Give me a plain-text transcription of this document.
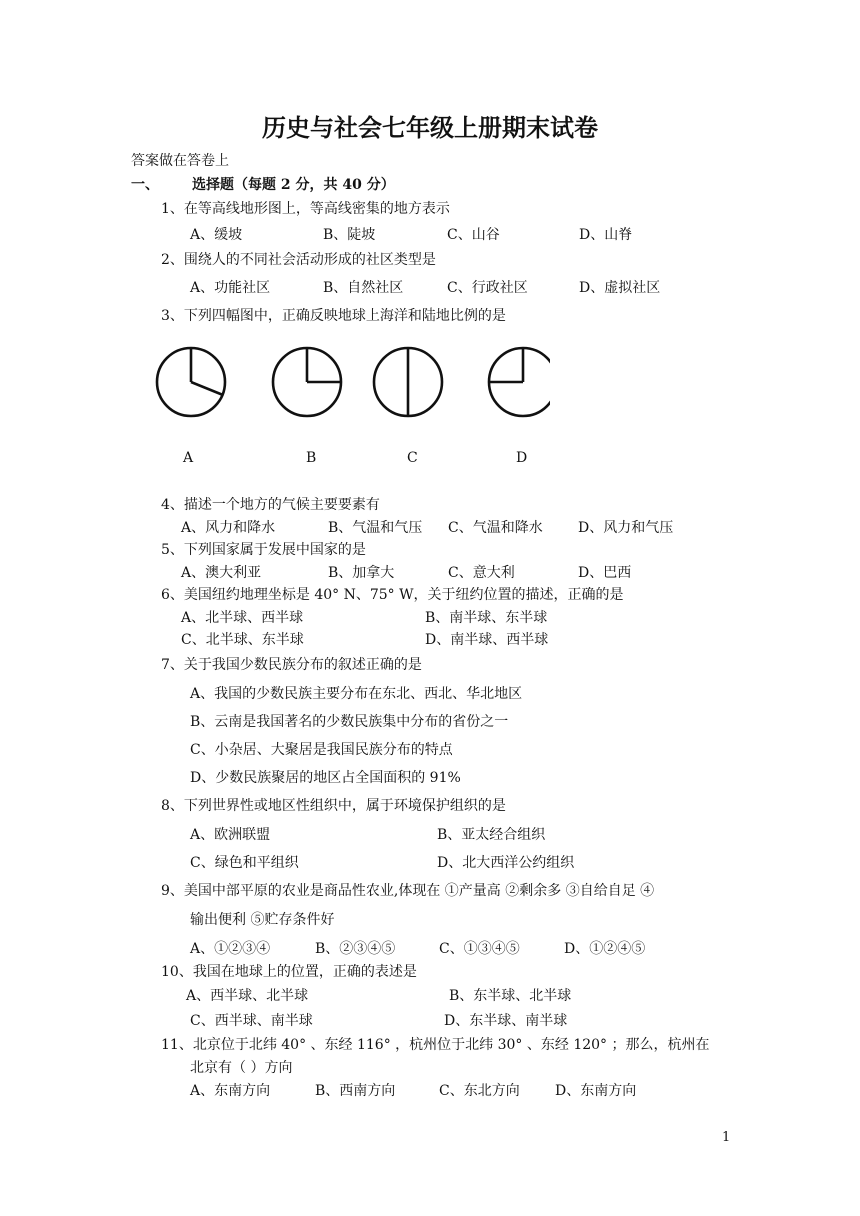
历史与社会七年级上册期末试卷
答案做在答卷上
一、 选择题（每题 2 分，共 40 分）
1、在等高线地形图上，等高线密集的地方表示
A、缓坡	B、陡坡	C、山谷	D、山脊
2、围绕人的不同社会活动形成的社区类型是
A、功能社区	B、自然社区	C、行政社区	D、虚拟社区
3、下列四幅图中，正确反映地球上海洋和陆地比例的是
A	B	C	D
4、描述一个地方的气候主要要素有
A、风力和降水	B、气温和气压 C、气温和降水	D、风力和气压
5、下列国家属于发展中国家的是
A、澳大利亚	B、加拿大	C、意大利	D、巴西
6、美国纽约地理坐标是 40° N、75° W，关于纽约位置的描述，正确的是
A、北半球、西半球	B、南半球、东半球
C、北半球、东半球	D、南半球、西半球
7、关于我国少数民族分布的叙述正确的是
A、我国的少数民族主要分布在东北、西北、华北地区
B、云南是我国著名的少数民族集中分布的省份之一
C、小杂居、大聚居是我国民族分布的特点
D、少数民族聚居的地区占全国面积的 91%
8、下列世界性或地区性组织中，属于环境保护组织的是
A、欧洲联盟	B、亚太经合组织
C、绿色和平组织	D、北大西洋公约组织
9、美国中部平原的农业是商品性农业,体现在 ①产量高 ②剩余多 ③自给自足 ④
输出便利 ⑤贮存条件好
A、①②③④	B、②③④⑤	C、①③④⑤	D、①②④⑤
10、我国在地球上的位置，正确的表述是
A、西半球、北半球	B、东半球、北半球
C、西半球、南半球	D、东半球、南半球
11、北京位于北纬 40° 、东经 116° ，杭州位于北纬 30° 、东经 120° ；那么，杭州在
北京有（ ）方向
A、东南方向	B、西南方向	C、东北方向	D、东南方向
1
